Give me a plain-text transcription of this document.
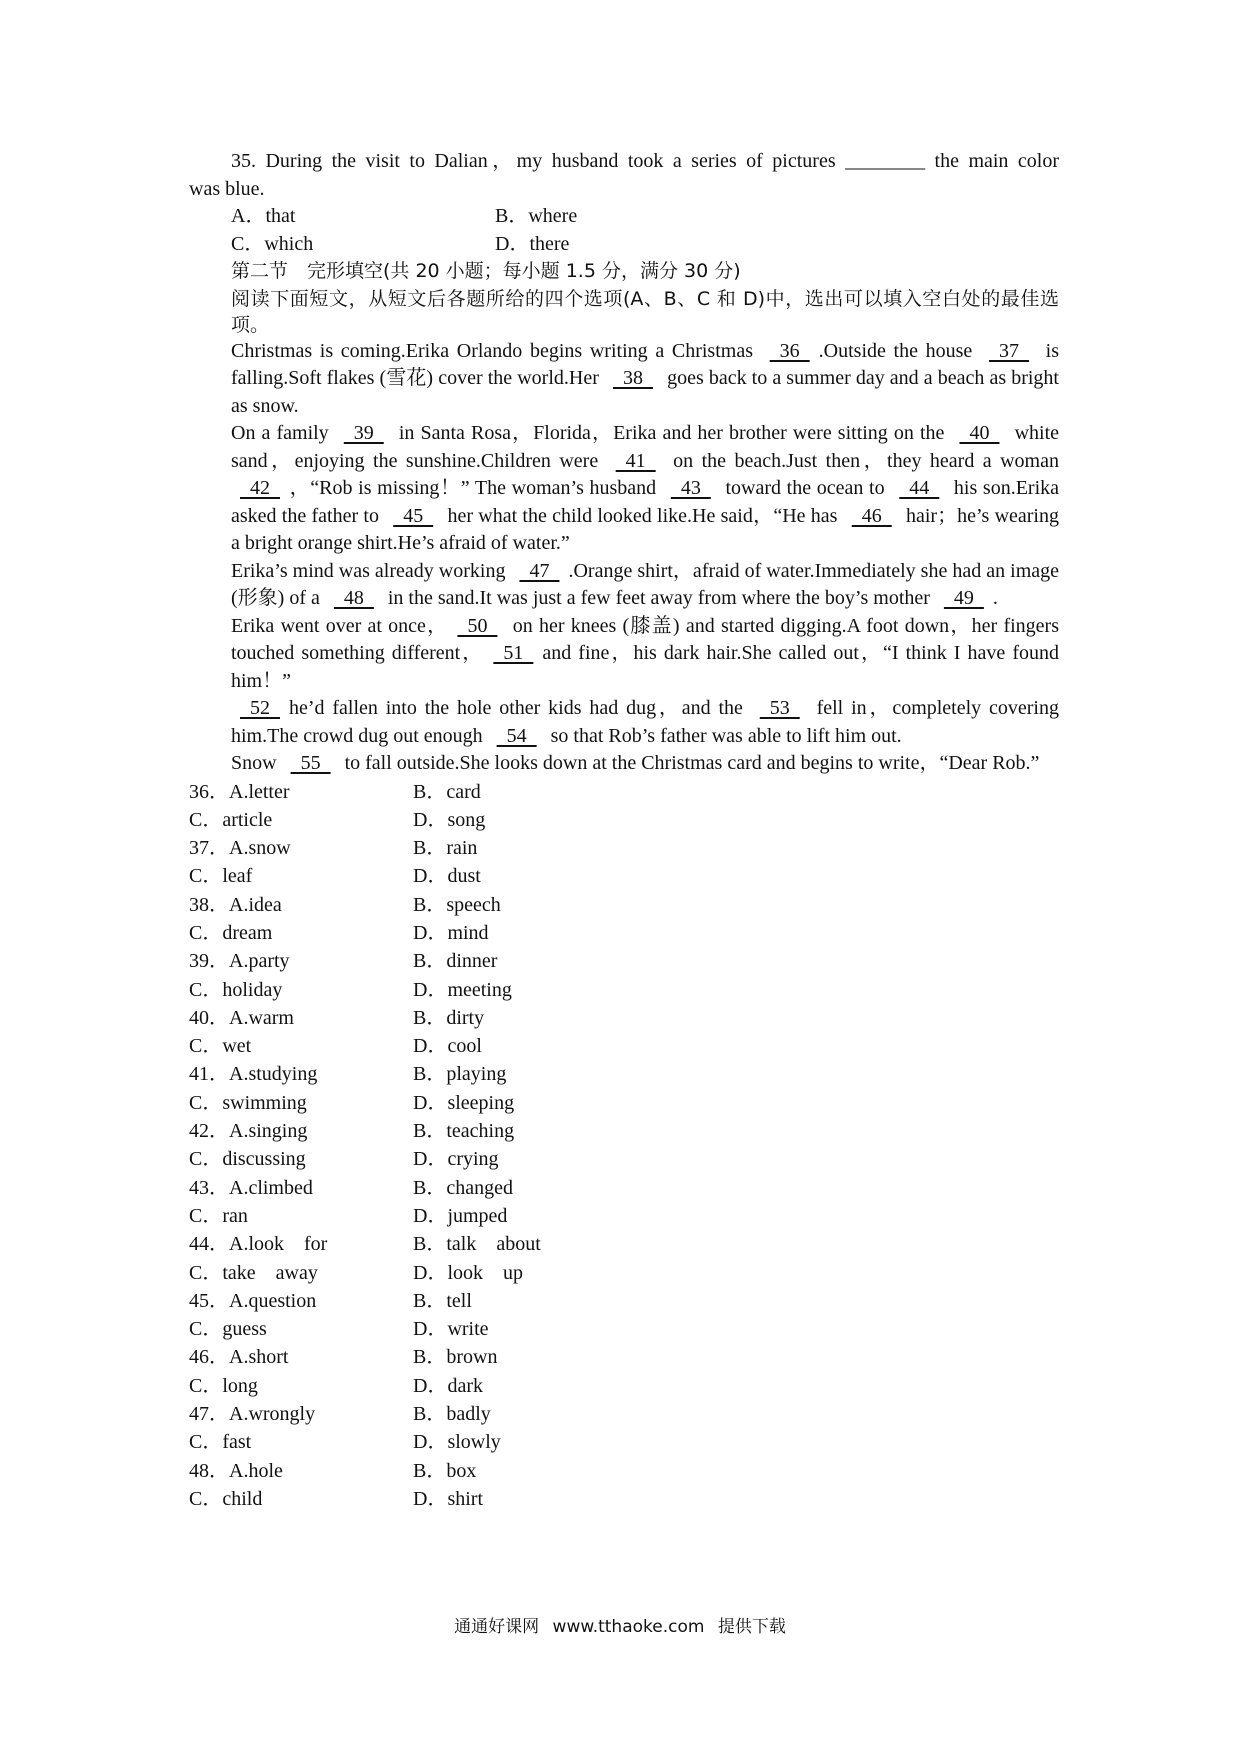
35. During the visit to Dalian，my husband took a series of pictures ________ the main color
was blue.
A．that	B．where
C．which	D．there
第二节　完形填空(共 20 小题；每小题 1.5 分，满分 30 分)
阅读下面短文，从短文后各题所给的四个选项(A、B、C 和 D)中，选出可以填入空白处的最佳选项。
Christmas is coming.Erika Orlando begins writing a Christmas  36 .Outside the house  37  is falling.Soft flakes (雪花) cover the world.Her  38  goes back to a summer day and a beach as bright as snow.
On a family  39  in Santa Rosa，Florida，Erika and her brother were sitting on the  40  white sand，enjoying the sunshine.Children were  41  on the beach.Just then，they heard a woman  42 ，“Rob is missing！” The woman’s husband  43  toward the ocean to  44  his son.Erika asked the father to  45  her what the child looked like.He said，“He has  46  hair；he’s wearing a bright orange shirt.He’s afraid of water.”
Erika’s mind was already working  47 .Orange shirt，afraid of water.Immediately she had an image (形象) of a  48  in the sand.It was just a few feet away from where the boy’s mother  49 .
Erika went over at once， 50  on her knees (膝盖) and started digging.A foot down，her fingers touched something different， 51 and fine，his dark hair.She called out，“I think I have found him！”
 52 he’d fallen into the hole other kids had dug，and the  53  fell in，completely covering him.The crowd dug out enough  54  so that Rob’s father was able to lift him out.
Snow  55  to fall outside.She looks down at the Christmas card and begins to write，“Dear Rob.”
36．A.letter	B．card
C．article	D．song
37．A.snow	B．rain
C．leaf	D．dust
38．A.idea	B．speech
C．dream	D．mind
39．A.party	B．dinner
C．holiday	D．meeting
40．A.warm	B．dirty
C．wet	D．cool
41．A.studying	B．playing
C．swimming	D．sleeping
42．A.singing	B．teaching
C．discussing	D．crying
43．A.climbed	B．changed
C．ran	D．jumped
44．A.look　for	B．talk　about
C．take　away	D．look　up
45．A.question	B．tell
C．guess	D．write
46．A.short	B．brown
C．long	D．dark
47．A.wrongly	B．badly
C．fast	D．slowly
48．A.hole	B．box
C．child	D．shirt
通通好课网 www.tthaoke.com 提供下载
